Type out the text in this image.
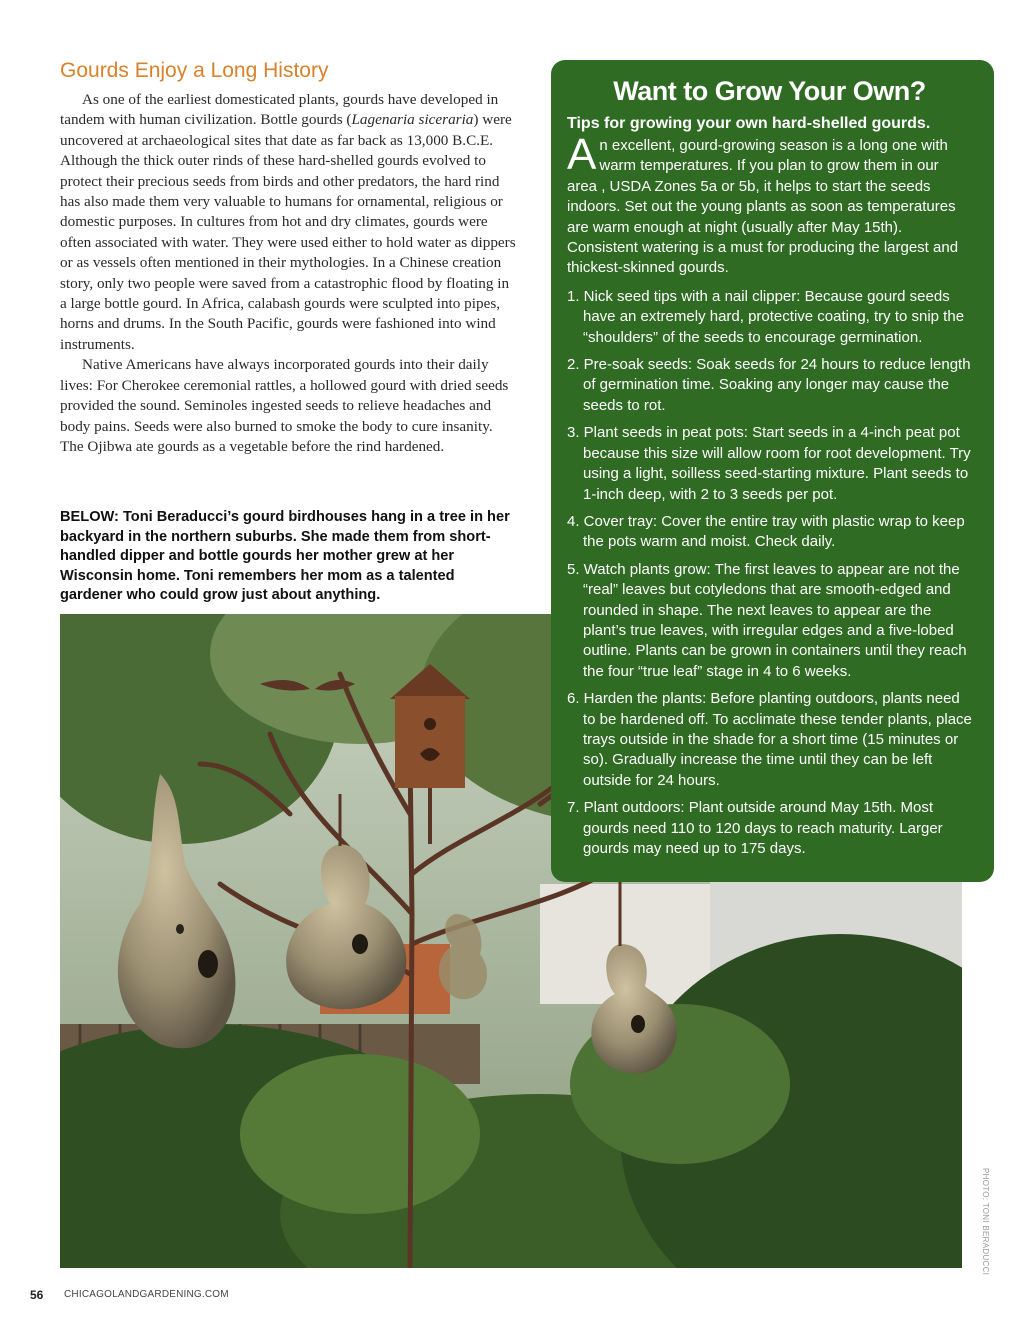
Gourds Enjoy a Long History

As one of the earliest domesticated plants, gourds have developed in tandem with human civilization. Bottle gourds (Lagenaria siceraria) were uncovered at archaeological sites that date as far back as 13,000 B.C.E. Although the thick outer rinds of these hard-shelled gourds evolved to protect their precious seeds from birds and other predators, the hard rind has also made them very valuable to humans for ornamental, religious or domestic purposes. In cultures from hot and dry climates, gourds were often associated with water. They were used either to hold water as dippers or as vessels often mentioned in their mythologies. In a Chinese creation story, only two people were saved from a catastrophic flood by floating in a large bottle gourd. In Africa, calabash gourds were sculpted into pipes, horns and drums. In the South Pacific, gourds were fashioned into wind instruments.

Native Americans have always incorporated gourds into their daily lives: For Cherokee ceremonial rattles, a hollowed gourd with dried seeds provided the sound. Seminoles ingested seeds to relieve headaches and body pains. Seeds were also burned to smoke the body to cure insanity. The Ojibwa ate gourds as a vegetable before the rind hardened.

BELOW: Toni Beraducci’s gourd birdhouses hang in a tree in her backyard in the northern suburbs. She made them from short-handled dipper and bottle gourds her mother grew at her Wisconsin home. Toni remembers her mom as a talented gardener who could grow just about anything.
Want to Grow Your Own?
Tips for growing your own hard-shelled gourds.
An excellent, gourd-growing season is a long one with warm temperatures. If you plan to grow them in our area , USDA Zones 5a or 5b, it helps to start the seeds indoors. Set out the young plants as soon as temperatures are warm enough at night (usually after May 15th). Consistent watering is a must for producing the largest and thickest-skinned gourds.
1. Nick seed tips with a nail clipper: Because gourd seeds have an extremely hard, protective coating, try to snip the “shoulders” of the seeds to encourage germination.
2. Pre-soak seeds: Soak seeds for 24 hours to reduce length of germination time. Soaking any longer may cause the seeds to rot.
3. Plant seeds in peat pots: Start seeds in a 4-inch peat pot because this size will allow room for root development. Try using a light, soilless seed-starting mixture. Plant seeds to 1-inch deep, with 2 to 3 seeds per pot.
4. Cover tray: Cover the entire tray with plastic wrap to keep the pots warm and moist. Check daily.
5. Watch plants grow: The first leaves to appear are not the “real” leaves but cotyledons that are smooth-edged and rounded in shape. The next leaves to appear are the plant’s true leaves, with irregular edges and a five-lobed outline. Plants can be grown in containers until they reach the four “true leaf” stage in 4 to 6 weeks.
6. Harden the plants: Before planting outdoors, plants need to be hardened off. To acclimate these tender plants, place trays outside in the shade for a short time (15 minutes or so). Gradually increase the time until they can be left outside for 24 hours.
7. Plant outdoors: Plant outside around May 15th. Most gourds need 110 to 120 days to reach maturity. Larger gourds may need up to 175 days.
56 CHICAGOLANDGARDENING.COM
PHOTO: TONI BERADUCCI
